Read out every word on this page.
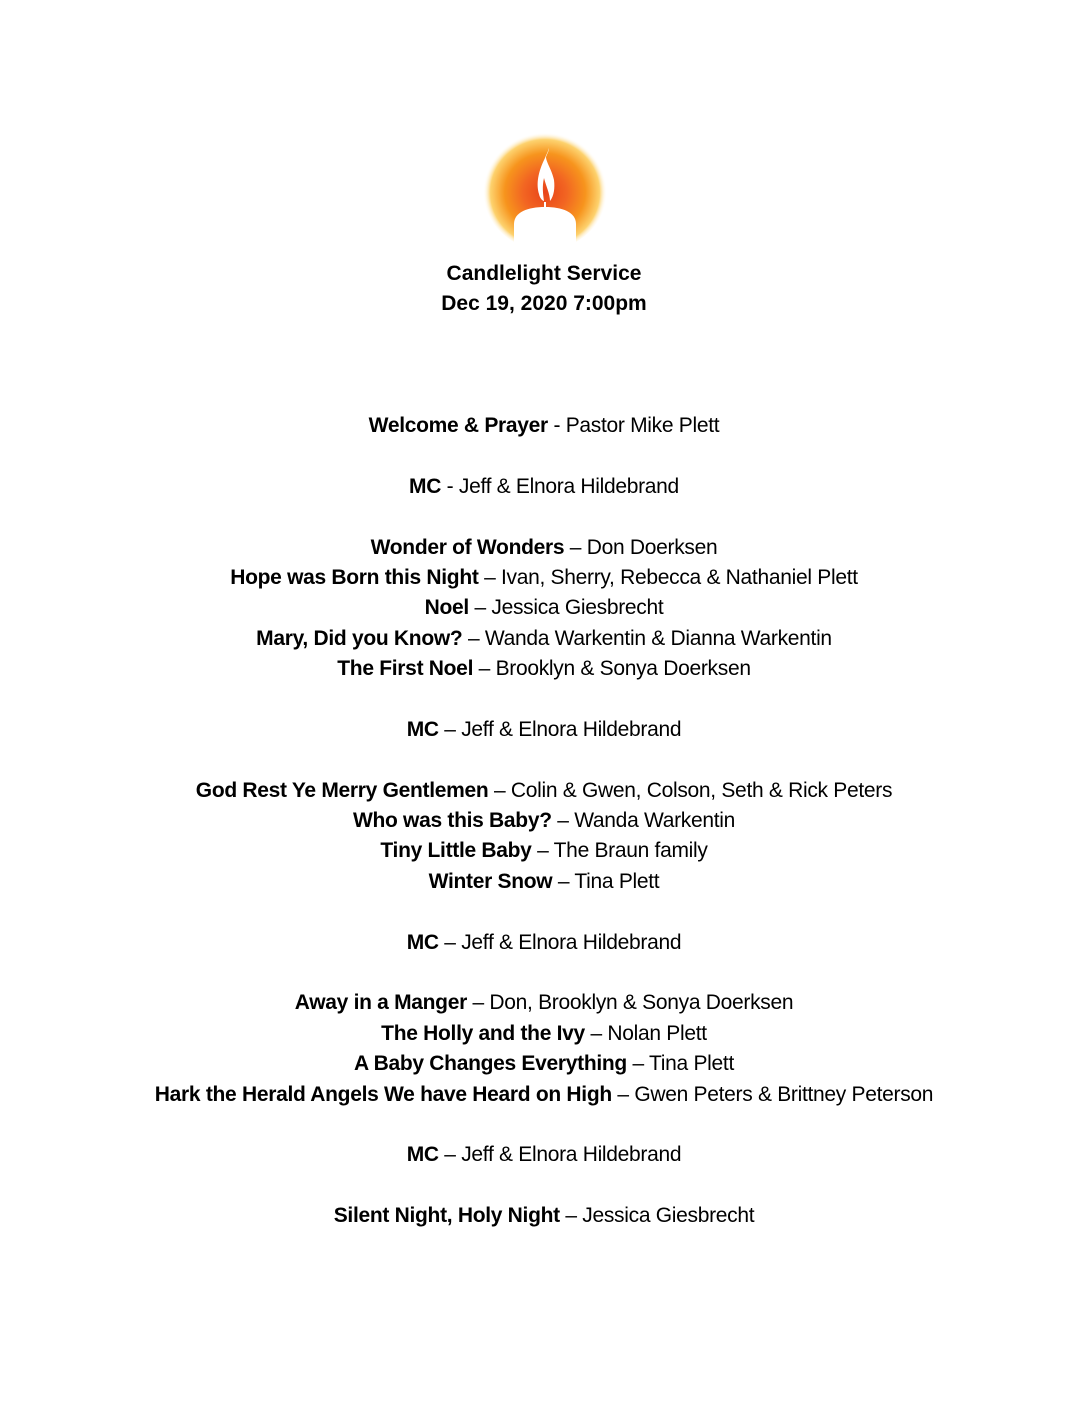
Candlelight Service
Dec 19, 2020 7:00pm
Welcome & Prayer - Pastor Mike Plett
MC - Jeff & Elnora Hildebrand
Wonder of Wonders – Don Doerksen
Hope was Born this Night – Ivan, Sherry, Rebecca & Nathaniel Plett
Noel – Jessica Giesbrecht
Mary, Did you Know? – Wanda Warkentin & Dianna Warkentin
The First Noel – Brooklyn & Sonya Doerksen
MC – Jeff & Elnora Hildebrand
God Rest Ye Merry Gentlemen – Colin & Gwen, Colson, Seth & Rick Peters
Who was this Baby? – Wanda Warkentin
Tiny Little Baby – The Braun family
Winter Snow – Tina Plett
MC – Jeff & Elnora Hildebrand
Away in a Manger – Don, Brooklyn & Sonya Doerksen
The Holly and the Ivy – Nolan Plett
A Baby Changes Everything – Tina Plett
Hark the Herald Angels We have Heard on High – Gwen Peters & Brittney Peterson
MC – Jeff & Elnora Hildebrand
Silent Night, Holy Night – Jessica Giesbrecht
